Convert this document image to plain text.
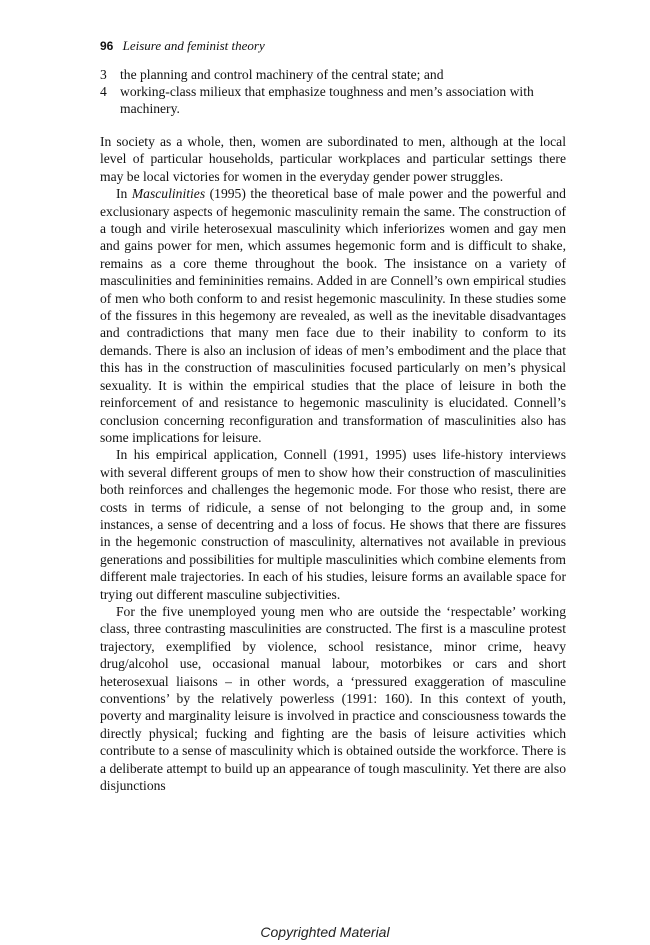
96 Leisure and feminist theory
3 the planning and control machinery of the central state; and
4 working-class milieux that emphasize toughness and men’s association with machinery.

In society as a whole, then, women are subordinated to men, although at the local level of particular households, particular workplaces and particular settings there may be local victories for women in the everyday gender power struggles.

In Masculinities (1995) the theoretical base of male power and the powerful and exclusionary aspects of hegemonic masculinity remain the same. The construction of a tough and virile heterosexual masculinity which inferiorizes women and gay men and gains power for men, which assumes hegemonic form and is difficult to shake, remains as a core theme throughout the book. The insistance on a variety of masculinities and femininities remains. Added in are Connell’s own empirical studies of men who both conform to and resist hegemonic masculinity. In these studies some of the fissures in this hegemony are revealed, as well as the inevitable disadvantages and contradictions that many men face due to their inability to conform to its demands. There is also an inclusion of ideas of men’s embodiment and the place that this has in the construction of masculinities focused particularly on men’s physical sexuality. It is within the empirical studies that the place of leisure in both the reinforcement of and resistance to hegemonic masculinity is elucidated. Connell’s conclusion concerning reconfiguration and transformation of masculinities also has some implications for leisure.

In his empirical application, Connell (1991, 1995) uses life-history interviews with several different groups of men to show how their construction of masculinities both reinforces and challenges the hegemonic mode. For those who resist, there are costs in terms of ridicule, a sense of not belonging to the group and, in some instances, a sense of decentring and a loss of focus. He shows that there are fissures in the hegemonic construction of masculinity, alternatives not available in previous generations and possibilities for multiple masculinities which combine elements from different male trajectories. In each of his studies, leisure forms an available space for trying out different masculine subjectivities.

For the five unemployed young men who are outside the ‘respectable’ working class, three contrasting masculinities are constructed. The first is a masculine protest trajectory, exemplified by violence, school resistance, minor crime, heavy drug/alcohol use, occasional manual labour, motorbikes or cars and short heterosexual liaisons – in other words, a ‘pressured exaggeration of masculine conventions’ by the relatively powerless (1991: 160). In this context of youth, poverty and marginality leisure is involved in practice and consciousness towards the directly physical; fucking and fighting are the basis of leisure activities which contribute to a sense of masculinity which is obtained outside the workforce. There is a deliberate attempt to build up an appearance of tough masculinity. Yet there are also disjunctions

Copyrighted Material
